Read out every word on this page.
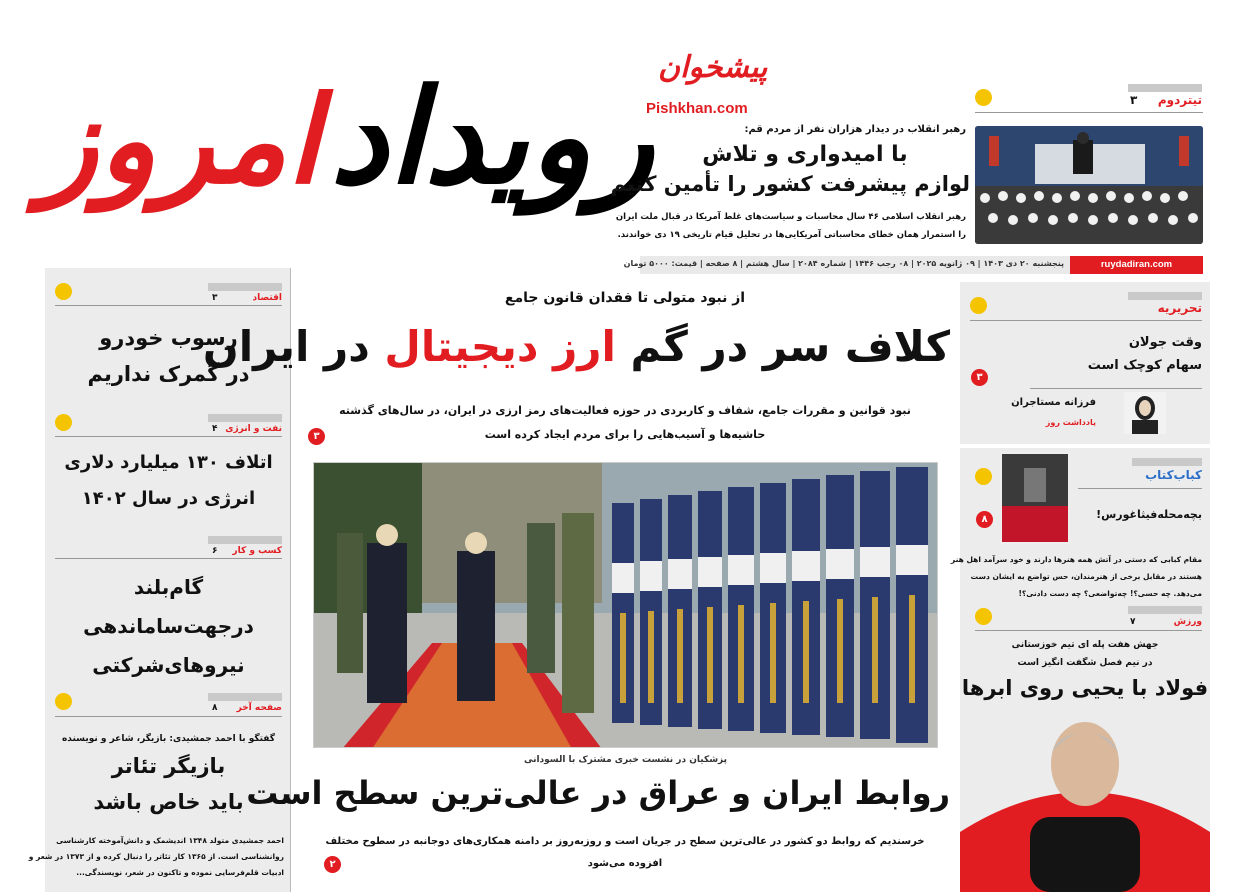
امروز رویداد پیشخوان
Pishkhan.com
رهبر انقلاب در دیدار هزاران نفر از مردم قم:
با امیدواری و تلاش
لوازم پیشرفت کشور را تأمین کنیم
رهبر انقلاب اسلامی ۴۶ سال محاسبات و سیاست‌های غلط آمریکا در قبال ملت ایران
را استمرار همان خطای محاسباتی آمریکایی‌ها در تحلیل قیام تاریخی ۱۹ دی خواندند.
تیتردوم
۳
پنجشنبه ۲۰ دی ۱۴۰۳ | ۰۹ ژانویه ۲۰۲۵ | ۰۸ رجب ۱۴۴۶ | شماره ۲۰۸۴ | سال هشتم | ۸ صفحه | قیمت: ۵۰۰۰ تومان	ruydadiran.com
اقتصاد
۳
رسوب خودرو
در گمرک نداریم
نفت و انرژی
۴
اتلاف ۱۳۰ میلیارد دلاری
انرژی در سال ۱۴۰۲
کسب و کار
۶
گام‌بلند
درجهت‌ساماندهی
نیروهای‌شرکتی
صفحه آخر
۸
گفتگو با احمد جمشیدی: بازیگر، شاعر و نویسنده
بازیگر تئاتر
باید خاص باشد
احمد جمشیدی متولد ۱۳۴۸ اندیشمک و دانش‌آموخته کارشناسی
روانشناسی است. از ۱۳۶۵ کار تئاتر را دنبال کرده و از ۱۳۷۳ در شعر و
ادبیات قلم‌فرسایی نموده و تاکنون در شعر، نویسندگی...
از نبود متولی تا فقدان قانون جامع
کلاف سر در گم ارز دیجیتال در ایران
نبود قوانین و مقررات جامع، شفاف و کاربردی در حوزه فعالیت‌های رمز ارزی در ایران، در سال‌های گذشته
حاشیه‌ها و آسیب‌هایی را برای مردم ایجاد کرده است
۳
پزشکیان در نشست خبری مشترک با السودانی
روابط ایران و عراق در عالی‌ترین سطح است
خرسندیم که روابط دو کشور در عالی‌ترین سطح در جریان است و روزبه‌روز بر دامنه همکاری‌های دوجانبه در سطوح مختلف
افزوده می‌شود
۲
تحریریه
وقت جولان
سهام کوچک است
۳
فرزانه مستاجران
یادداشت روز
کباب‌کتاب
بچه‌محله‌فیثاغورس!
۸
مقام کبابی که دستی در آتش همه هنرها دارند و خود سرآمد اهل هنر
هستند در مقابل برخی از هنرمندان، حس تواضع به ایشان دست
می‌دهد. چه حسی؟! چه‌تواضعی؟ چه دست دادنی؟!
ورزش
۷
جهش هفت پله ای تیم خوزستانی
در نیم فصل شگفت انگیز است
فولاد با یحیی روی ابرها
